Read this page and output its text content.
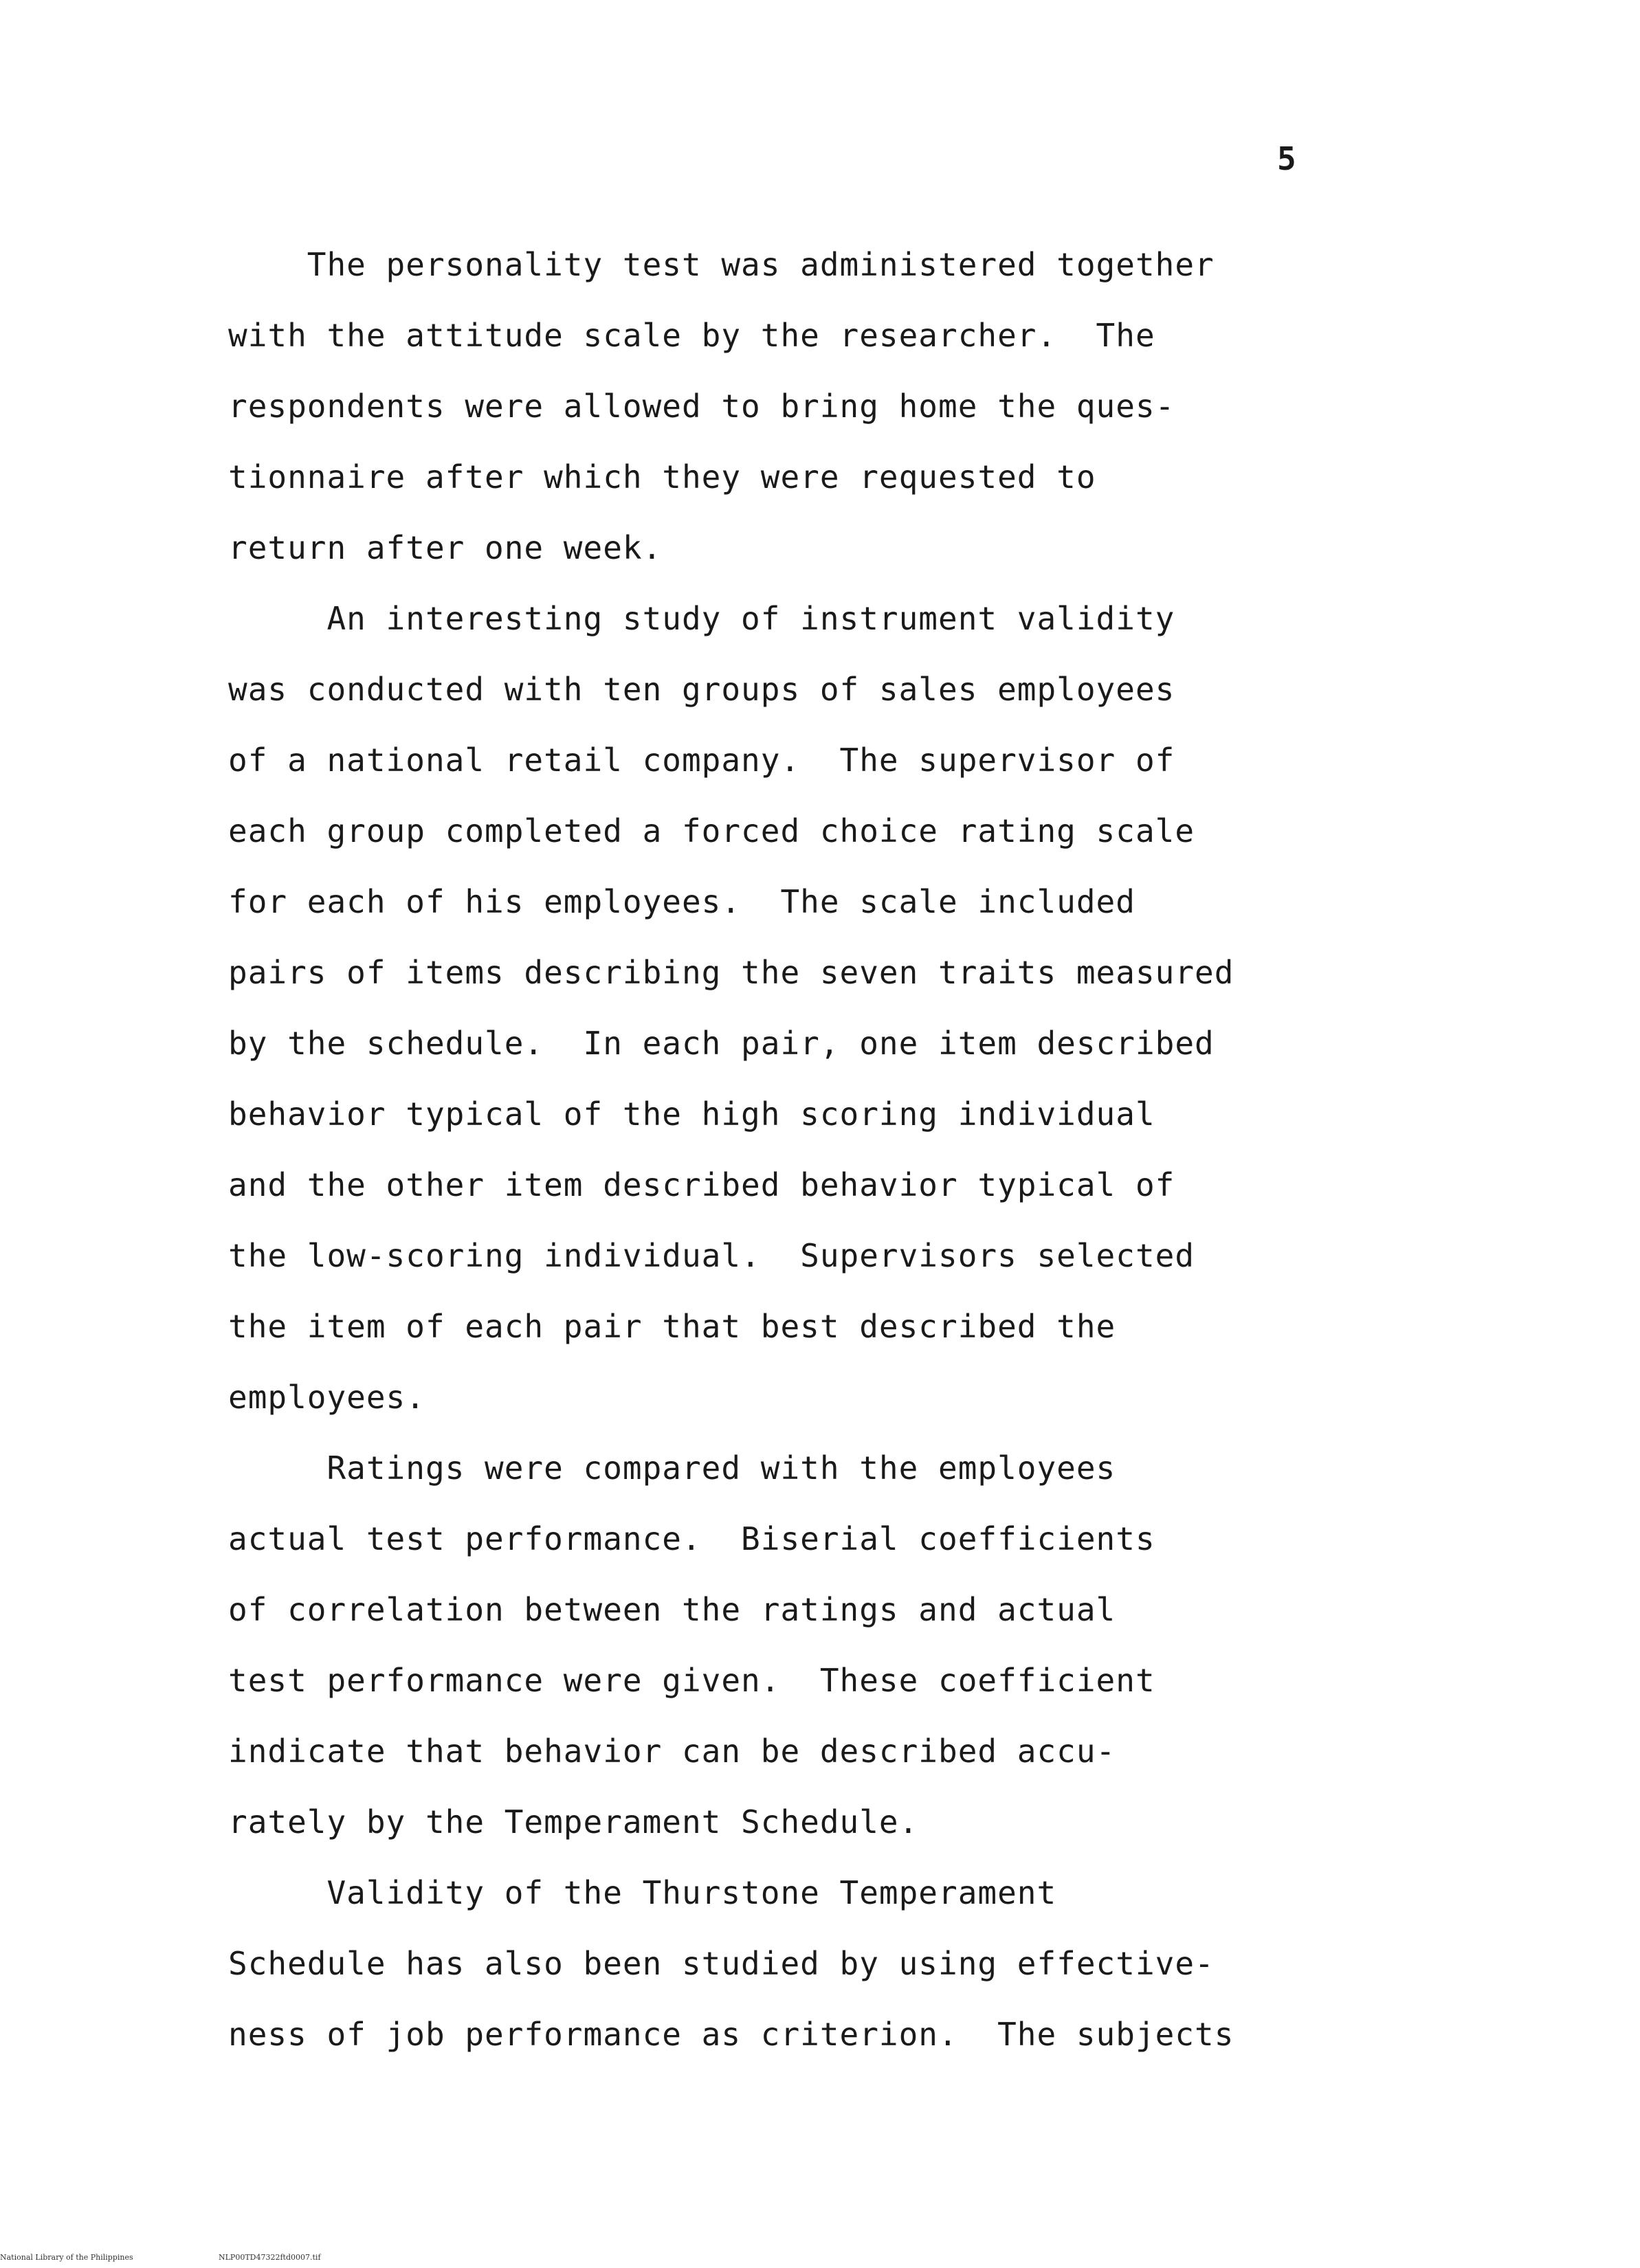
5
The personality test was administered together
with the attitude scale by the researcher.  The
respondents were allowed to bring home the ques-
tionnaire after which they were requested to
return after one week.
An interesting study of instrument validity
was conducted with ten groups of sales employees
of a national retail company.  The supervisor of
each group completed a forced choice rating scale
for each of his employees.  The scale included
pairs of items describing the seven traits measured
by the schedule.  In each pair, one item described
behavior typical of the high scoring individual
and the other item described behavior typical of
the low-scoring individual.  Supervisors selected
the item of each pair that best described the
employees.
Ratings were compared with the employees
actual test performance.  Biserial coefficients
of correlation between the ratings and actual
test performance were given.  These coefficient
indicate that behavior can be described accu-
rately by the Temperament Schedule.
Validity of the Thurstone Temperament
Schedule has also been studied by using effective-
ness of job performance as criterion.  The subjects
National Library of the Philippines	NLP00TD47322ftd0007.tif
